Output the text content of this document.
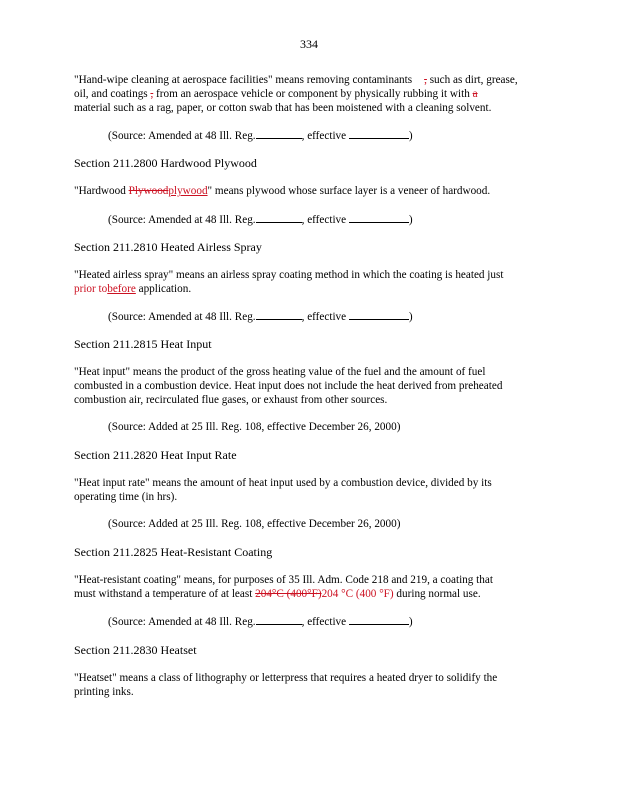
334
"Hand-wipe cleaning at aerospace facilities" means removing contaminants , such as dirt, grease,
oil, and coatings , from an aerospace vehicle or component by physically rubbing it with a
material such as a rag, paper, or cotton swab that has been moistened with a cleaning solvent.
(Source: Amended at 48 Ill. Reg.	, effective	)
Section 211.2800 Hardwood Plywood
"Hardwood Plywoodplywood" means plywood whose surface layer is a veneer of hardwood.
(Source: Amended at 48 Ill. Reg.	, effective	)
Section 211.2810 Heated Airless Spray
"Heated airless spray" means an airless spray coating method in which the coating is heated just
prior tobefore application.
(Source: Amended at 48 Ill. Reg.	, effective	)
Section 211.2815 Heat Input
"Heat input" means the product of the gross heating value of the fuel and the amount of fuel
combusted in a combustion device. Heat input does not include the heat derived from preheated
combustion air, recirculated flue gases, or exhaust from other sources.
(Source: Added at 25 Ill. Reg. 108, effective December 26, 2000)
Section 211.2820 Heat Input Rate
"Heat input rate" means the amount of heat input used by a combustion device, divided by its
operating time (in hrs).
(Source: Added at 25 Ill. Reg. 108, effective December 26, 2000)
Section 211.2825 Heat-Resistant Coating
"Heat-resistant coating" means, for purposes of 35 Ill. Adm. Code 218 and 219, a coating that
must withstand a temperature of at least 204°C (400°F)204 °C (400 °F) during normal use.
(Source: Amended at 48 Ill. Reg.	, effective	)
Section 211.2830 Heatset
"Heatset" means a class of lithography or letterpress that requires a heated dryer to solidify the
printing inks.
